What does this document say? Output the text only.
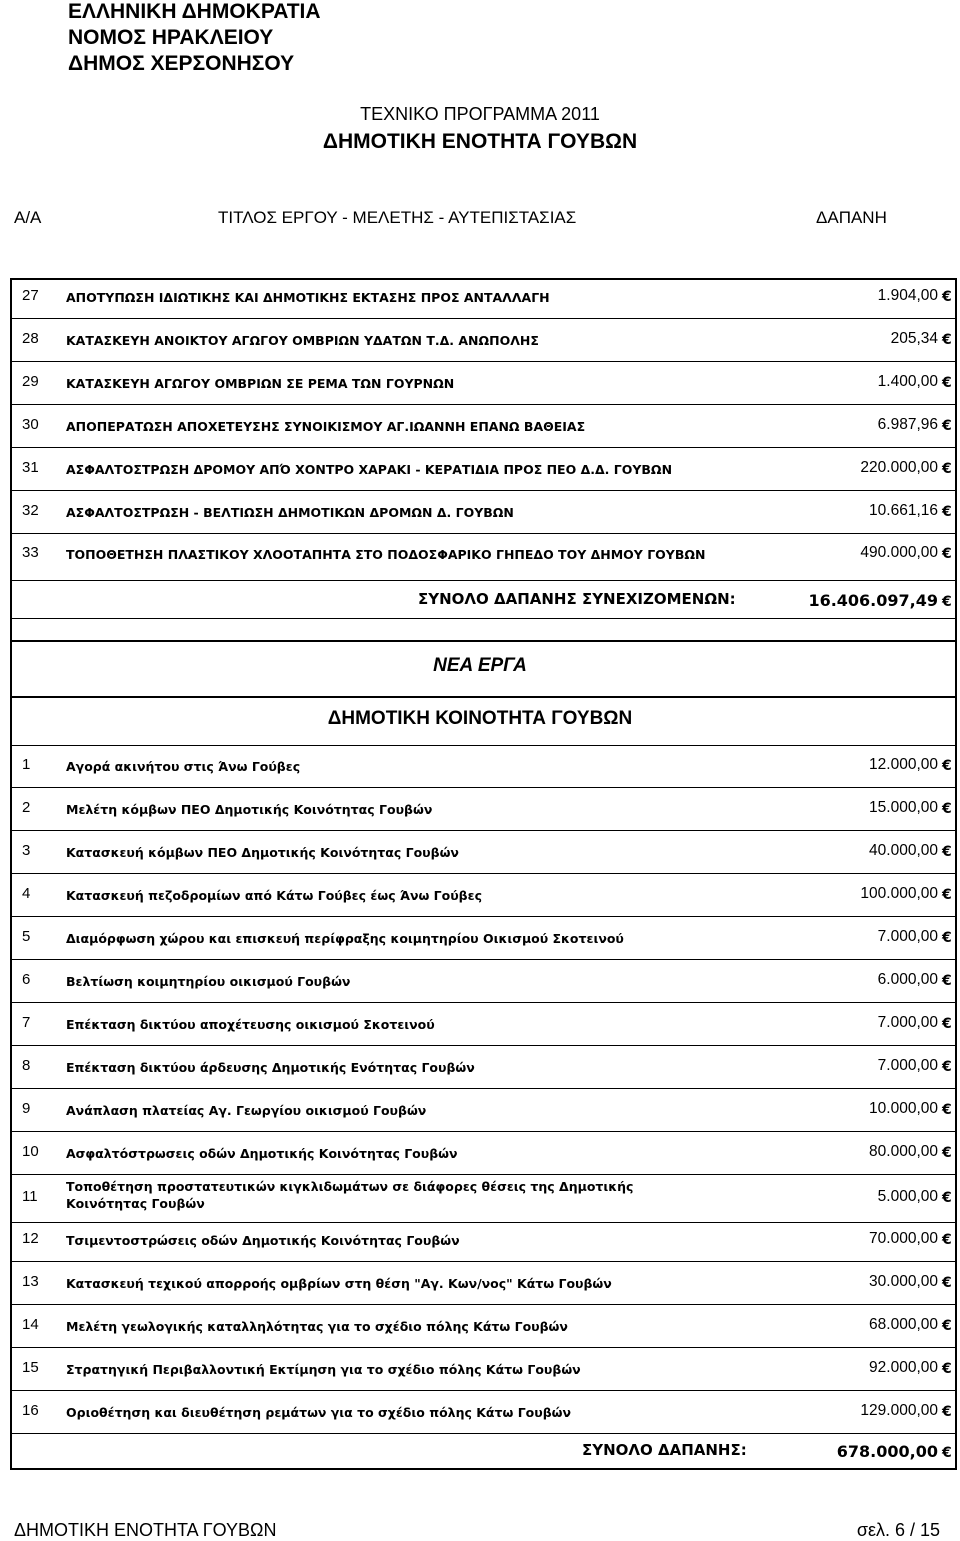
ΕΛΛΗΝΙΚΗ ΔΗΜΟΚΡΑΤΙΑ
ΝΟΜΟΣ ΗΡΑΚΛΕΙΟΥ
ΔΗΜΟΣ ΧΕΡΣΟΝΗΣΟΥ
ΤΕΧΝΙΚΟ ΠΡΟΓΡΑΜΜΑ 2011
ΔΗΜΟΤΙΚΗ ΕΝΟΤΗΤΑ ΓΟΥΒΩΝ
Α/Α	ΤΙΤΛΟΣ ΕΡΓΟΥ - ΜΕΛΕΤΗΣ - ΑΥΤΕΠΙΣΤΑΣΙΑΣ	ΔΑΠΑΝΗ
27 ΑΠΟΤΥΠΩΣΗ ΙΔΙΩΤΙΚΗΣ ΚΑΙ ΔΗΜΟΤΙΚΗΣ ΕΚΤΑΣΗΣ ΠΡΟΣ ΑΝΤΑΛΛΑΓΗ	1.904,00 €
28 ΚΑΤΑΣΚΕΥΗ ΑΝΟΙΚΤΟΥ ΑΓΩΓΟΥ ΟΜΒΡΙΩΝ ΥΔΑΤΩΝ Τ.Δ. ΑΝΩΠΟΛΗΣ	205,34 €
29 ΚΑΤΑΣΚΕΥΗ ΑΓΩΓΟΥ ΟΜΒΡΙΩΝ ΣΕ ΡΕΜΑ ΤΩΝ ΓΟΥΡΝΩΝ	1.400,00 €
30 ΑΠΟΠΕΡΑΤΩΣΗ ΑΠΟΧΕΤΕΥΣΗΣ ΣΥΝΟΙΚΙΣΜΟΥ ΑΓ.ΙΩΑΝΝΗ ΕΠΑΝΩ ΒΑΘΕΙΑΣ	6.987,96 €
31 ΑΣΦΑΛΤΟΣΤΡΩΣΗ ΔΡΟΜΟΥ ΑΠΌ ΧΟΝΤΡΟ ΧΑΡΑΚΙ - ΚΕΡΑΤΙΔΙΑ ΠΡΟΣ ΠΕΟ Δ.Δ. ΓΟΥΒΩΝ	220.000,00 €
32 ΑΣΦΑΛΤΟΣΤΡΩΣΗ - ΒΕΛΤΙΩΣΗ ΔΗΜΟΤΙΚΩΝ ΔΡΟΜΩΝ Δ. ΓΟΥΒΩΝ	10.661,16 €
33 ΤΟΠΟΘΕΤΗΣΗ ΠΛΑΣΤΙΚΟΥ ΧΛΟΟΤΑΠΗΤΑ ΣΤΟ ΠΟΔΟΣΦΑΡΙΚΟ ΓΗΠΕΔΟ ΤΟΥ ΔΗΜΟΥ ΓΟΥΒΩΝ	490.000,00 €
ΣΥΝΟΛΟ ΔΑΠΑΝΗΣ ΣΥΝΕΧΙΖΟΜΕΝΩΝ:	16.406.097,49 €
ΝΕΑ ΕΡΓΑ
ΔΗΜΟΤΙΚΗ ΚΟΙΝΟΤΗΤΑ ΓΟΥΒΩΝ
1	Αγορά ακινήτου στις Άνω Γούβες	12.000,00 €
2	Μελέτη κόμβων ΠΕΟ Δημοτικής Κοινότητας Γουβών	15.000,00 €
3	Κατασκευή κόμβων ΠΕΟ Δημοτικής Κοινότητας Γουβών	40.000,00 €
4	Κατασκευή πεζοδρομίων από Κάτω Γούβες έως Άνω Γούβες	100.000,00 €
5	Διαμόρφωση χώρου και επισκευή περίφραξης κοιμητηρίου Οικισμού Σκοτεινού	7.000,00 €
6	Βελτίωση κοιμητηρίου οικισμού Γουβών	6.000,00 €
7	Επέκταση δικτύου αποχέτευσης οικισμού Σκοτεινού	7.000,00 €
8	Επέκταση δικτύου άρδευσης Δημοτικής Ενότητας Γουβών	7.000,00 €
9	Ανάπλαση πλατείας Αγ. Γεωργίου οικισμού Γουβών	10.000,00 €
10 Ασφαλτόστρωσεις οδών Δημοτικής Κοινότητας Γουβών	80.000,00 €
11
Τοποθέτηση προστατευτικών κιγκλιδωμάτων σε διάφορες θέσεις της Δημοτικής Κοινότητας Γουβών	5.000,00 €
12 Τσιμεντοστρώσεις οδών Δημοτικής Κοινότητας Γουβών	70.000,00 €
13 Κατασκευή τεχικού απορροής ομβρίων στη θέση "Αγ. Κων/νος" Κάτω Γουβών	30.000,00 €
14 Μελέτη γεωλογικής καταλληλότητας για το σχέδιο πόλης Κάτω Γουβών	68.000,00 €
15 Στρατηγική Περιβαλλοντική Εκτίμηση για το σχέδιο πόλης Κάτω Γουβών	92.000,00 €
16 Οριοθέτηση και διευθέτηση ρεμάτων για το σχέδιο πόλης Κάτω Γουβών	129.000,00 €
ΣΥΝΟΛΟ ΔΑΠΑΝΗΣ:	678.000,00 €
ΔΗΜΟΤΙΚΗ ΕΝΟΤΗΤΑ ΓΟΥΒΩΝ	σελ. 6 / 15
